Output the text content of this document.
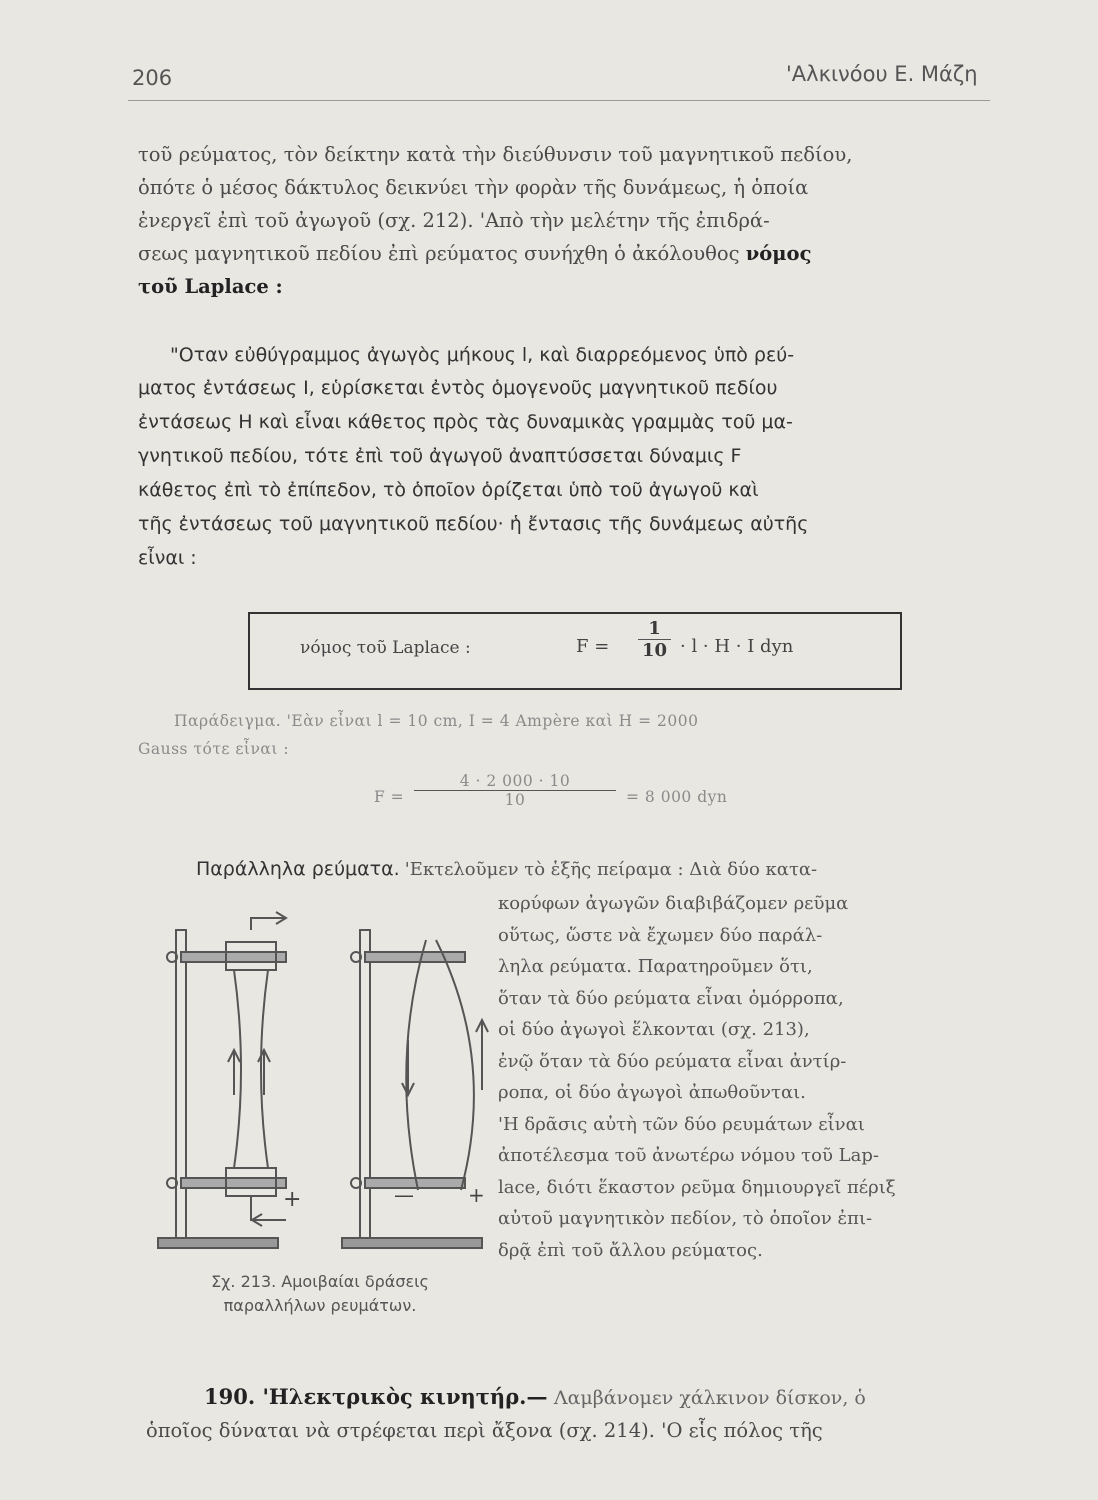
206	'Αλκινόου Ε. Μάζη
τοῦ ρεύματος, τὸν δείκτην κατὰ τὴν διεύθυνσιν τοῦ μαγνητικοῦ πεδίου,
ὁπότε ὁ μέσος δάκτυλος δεικνύει τὴν φορὰν τῆς δυνάμεως, ἡ ὁποία
ἐνεργεῖ ἐπὶ τοῦ ἀγωγοῦ (σχ. 212). 'Απὸ τὴν μελέτην τῆς ἐπιδρά-
σεως μαγνητικοῦ πεδίου ἐπὶ ρεύματος συνήχθη ὁ ἀκόλουθος νόμος
τοῦ Laplace :
"Οταν εὐθύγραμμος ἀγωγὸς μήκους l, καὶ διαρρεόμενος ὑπὸ ρεύ-
ματος ἐντάσεως I, εὑρίσκεται ἐντὸς ὁμογενοῦς μαγνητικοῦ πεδίου
ἐντάσεως Η καὶ εἶναι κάθετος πρὸς τὰς δυναμικὰς γραμμὰς τοῦ μα-
γνητικοῦ πεδίου, τότε ἐπὶ τοῦ ἀγωγοῦ ἀναπτύσσεται δύναμις F
κάθετος ἐπὶ τὸ ἐπίπεδον, τὸ ὁποῖον ὁρίζεται ὑπὸ τοῦ ἀγωγοῦ καὶ
τῆς ἐντάσεως τοῦ μαγνητικοῦ πεδίου· ἡ ἔντασις τῆς δυνάμεως αὐτῆς
εἶναι :
νόμος τοῦ Laplace :	$F = \frac{1}{10} \cdot l \cdot H \cdot I$ dyn
Παράδειγμα. 'Εὰν εἶναι l = 10 cm, I = 4 Ampère καὶ Η = 2000
Gauss τότε εἶναι :
$F = \frac{4 \cdot 2 000 \cdot 10}{10} = 8$ 000 dyn
Παράλληλα ρεύματα. 'Εκτελοῦμεν τὸ ἑξῆς πείραμα : Διὰ δύο κατα-
κορύφων ἀγωγῶν διαβιβάζομεν ρεῦμα
οὕτως, ὥστε νὰ ἔχωμεν δύο παράλ-
ληλα ρεύματα. Παρατηροῦμεν ὅτι,
ὅταν τὰ δύο ρεύματα εἶναι ὁμόρροπα,
οἱ δύο ἀγωγοὶ ἕλκονται (σχ. 213),
ἐνῷ ὅταν τὰ δύο ρεύματα εἶναι ἀντίρ-
ροπα, οἱ δύο ἀγωγοὶ ἀπωθοῦνται.
'Η δρᾶσις αὐτὴ τῶν δύο ρευμάτων εἶναι
ἀποτέλεσμα τοῦ ἀνωτέρω νόμου τοῦ Lap-
lace, διότι ἕκαστον ρεῦμα δημιουργεῖ πέριξ
αὐτοῦ μαγνητικὸν πεδίον, τὸ ὁποῖον ἐπι-
δρᾷ ἐπὶ τοῦ ἄλλου ρεύματος.
+	—	+
Σχ. 213. Αμοιβαίαι δράσεις
παραλλήλων ρευμάτων.
190. 'Ηλεκτρικὸς κινητήρ.— Λαμβάνομεν χάλκινον δίσκον, ὁ
ὁποῖος δύναται νὰ στρέφεται περὶ ἄξονα (σχ. 214). 'Ο εἷς πόλος τῆς
